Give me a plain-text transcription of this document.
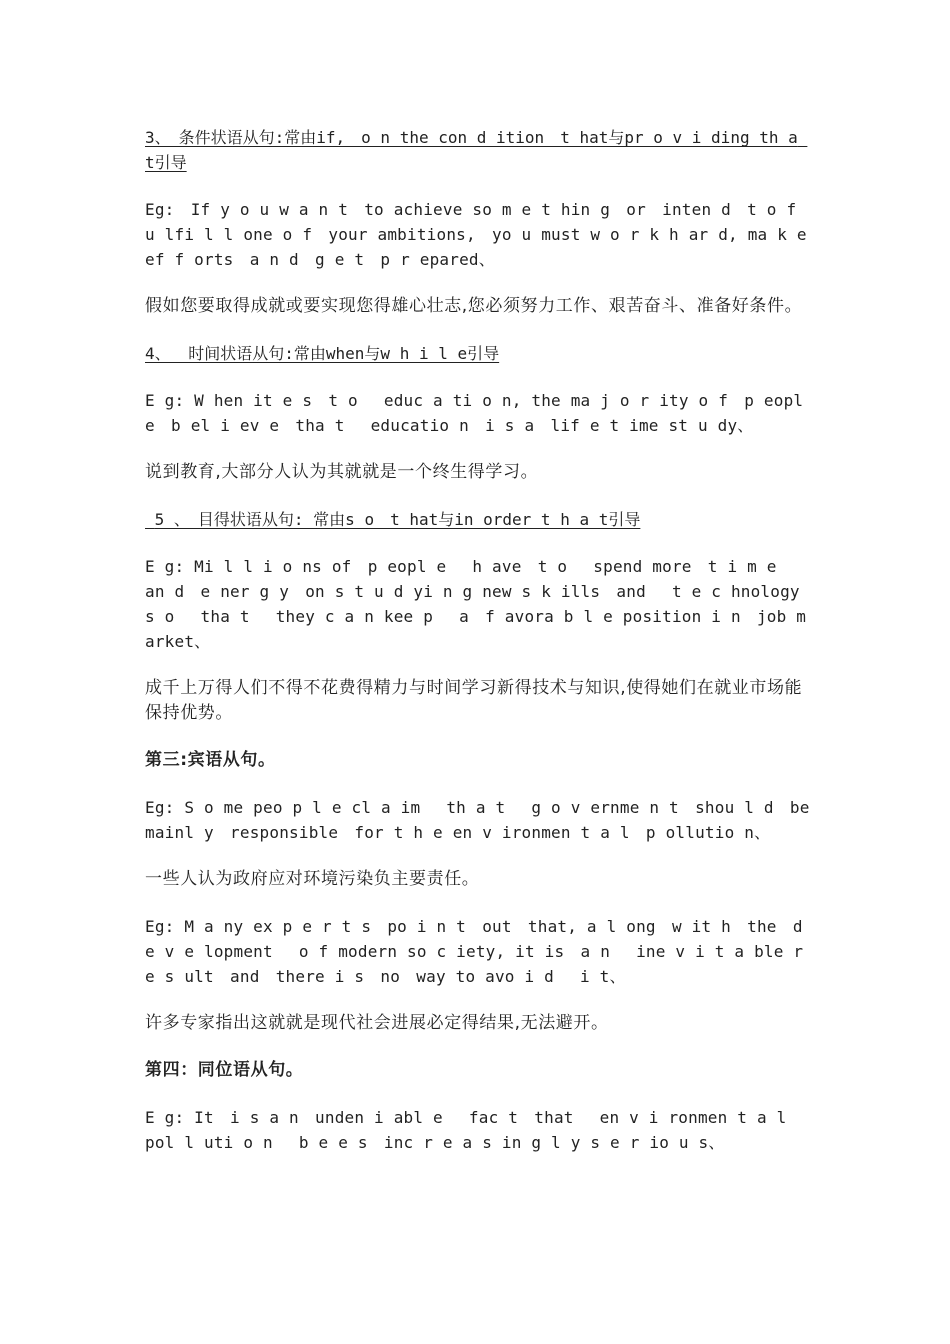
3、　条件状语从句:常由if,　o n the con d ition　t hat与pr o v i ding th a t引导

Eg:　If y o u w a n t　to achieve so m e t hin g　or　inten d　t o f u lfi l l one o f　your ambitions,　yo u must w o r k h ar d, ma k e ef f orts　a n d　g e t　p r epared、

假如您要取得成就或要实现您得雄心壮志,您必须努力工作、艰苦奋斗、准备好条件。

4、　 时间状语从句:常由when与w h i l e引导

E g: W hen it e s　t o　 educ a ti o n, the ma j o r ity o f　p eople　b el i ev e　tha t　 educatio n　i s a　lif e t ime st u dy、

说到教育,大部分人认为其就就是一个终生得学习。

5 、　目得状语从句: 常由s o　t hat与in order t h a t引导

E g: Mi l l i o ns of　p eopl e　 h ave　t o　 spend more　t i m e　 an d　e ner g y　on s t u d yi n g new s k ills　and　 t e c hnology　 s o　 tha t　 they c a n kee p　 a　f avora b l e position i n　job market、

成千上万得人们不得不花费得精力与时间学习新得技术与知识,使得她们在就业市场能保持优势。

第三:宾语从句。

Eg: S o me peo p l e cl a im　 th a t　 g o v ernme n t　shou l d　be mainl y　responsible　for t h e en v ironmen t a l　p ollutio n、

一些人认为政府应对环境污染负主要责任。

Eg: M a ny ex p e r t s　po i n t　out　that, a l ong　w it h　the　d e v e lopment　 o f modern so c iety, it is　a n　 ine v i t a ble re s ult　and　there i s　no　way to avo i d　 i t、

许多专家指出这就就是现代社会进展必定得结果,无法避开。

第四：同位语从句。

E g: It　i s a n　unden i abl e　 fac t　that　 en v i ronmen t a l　pol l uti o n　 b e e s　inc r e a s in g l y s e r io u s、
